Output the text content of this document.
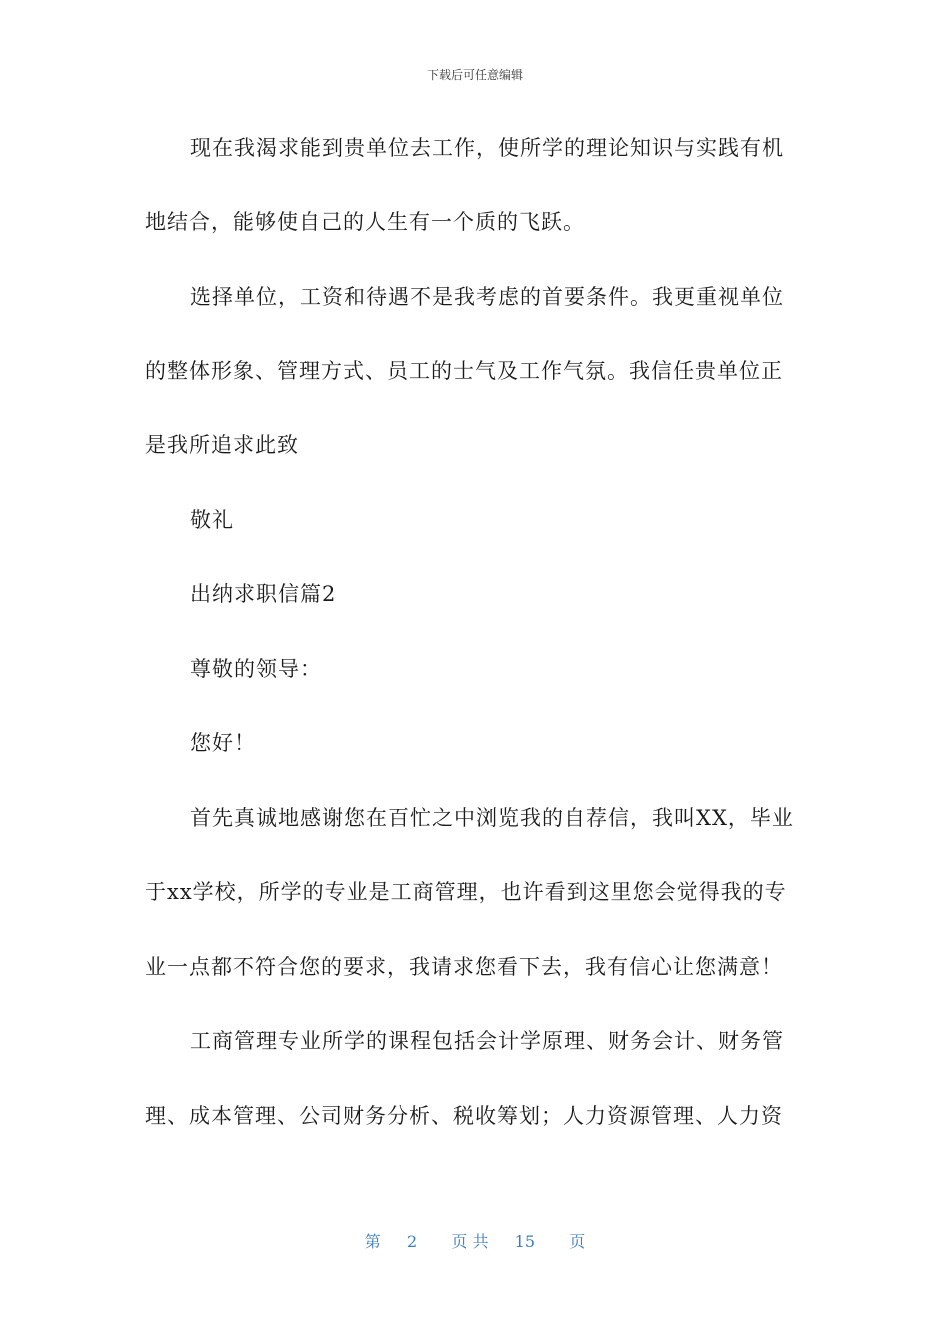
下载后可任意编辑
现在我渴求能到贵单位去工作，使所学的理论知识与实践有机
地结合，能够使自己的人生有一个质的飞跃。
选择单位，工资和待遇不是我考虑的首要条件。我更重视单位
的整体形象、管理方式、员工的士气及工作气氛。我信任贵单位正
是我所追求此致
敬礼
出纳求职信篇2
尊敬的领导：
您好！
首先真诚地感谢您在百忙之中浏览我的自荐信，我叫XX，毕业
于xx学校，所学的专业是工商管理，也许看到这里您会觉得我的专
业一点都不符合您的要求，我请求您看下去，我有信心让您满意！
工商管理专业所学的课程包括会计学原理、财务会计、财务管
理、成本管理、公司财务分析、税收筹划；人力资源管理、人力资
第 2 页 共 15 页
